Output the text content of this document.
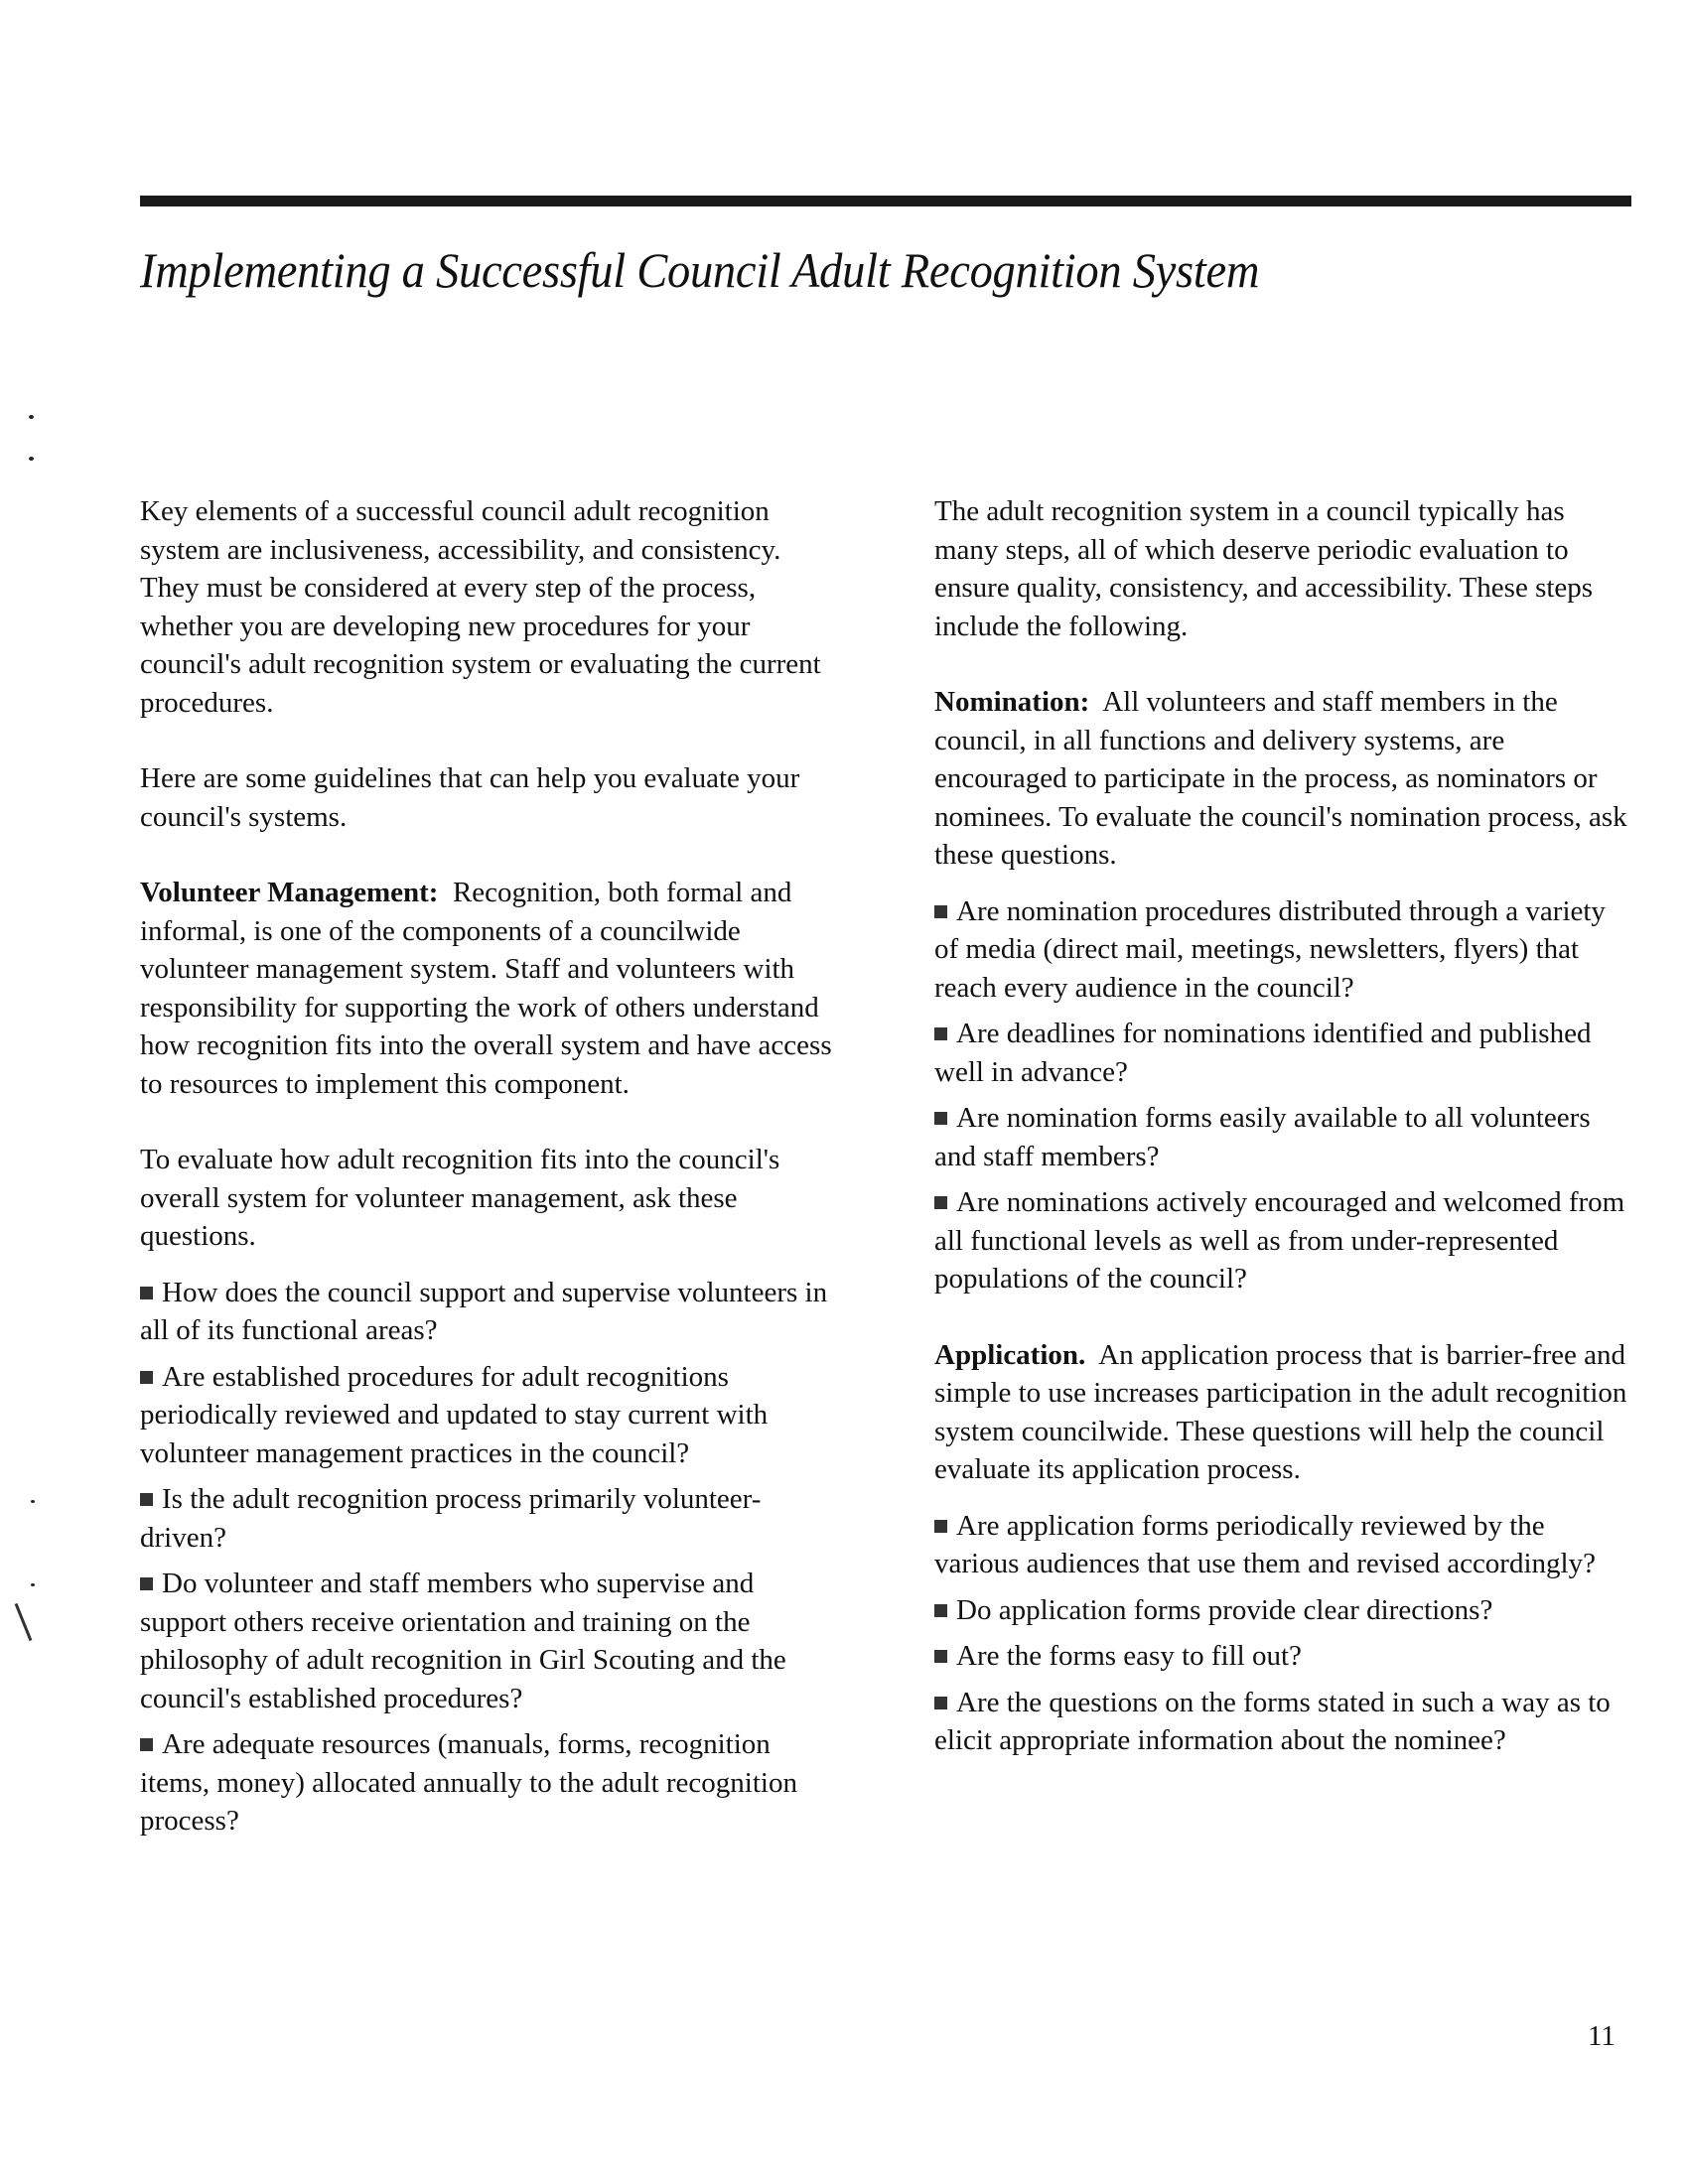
Implementing a Successful Council Adult Recognition System

Key elements of a successful council adult recognition system are inclusiveness, accessibility, and consistency. They must be considered at every step of the process, whether you are developing new procedures for your council's adult recognition system or evaluating the current procedures.

Here are some guidelines that can help you evaluate your council's systems.

Volunteer Management: Recognition, both formal and informal, is one of the components of a councilwide volunteer management system. Staff and volunteers with responsibility for supporting the work of others understand how recognition fits into the overall system and have access to resources to implement this component.

To evaluate how adult recognition fits into the council's overall system for volunteer management, ask these questions.

How does the council support and supervise volunteers in all of its functional areas?
Are established procedures for adult recognitions periodically reviewed and updated to stay current with volunteer management practices in the council?
Is the adult recognition process primarily volunteer-driven?
Do volunteer and staff members who supervise and support others receive orientation and training on the philosophy of adult recognition in Girl Scouting and the council's established procedures?
Are adequate resources (manuals, forms, recognition items, money) allocated annually to the adult recognition process?

The adult recognition system in a council typically has many steps, all of which deserve periodic evaluation to ensure quality, consistency, and accessibility. These steps include the following.

Nomination: All volunteers and staff members in the council, in all functions and delivery systems, are encouraged to participate in the process, as nominators or nominees. To evaluate the council's nomination process, ask these questions.

Are nomination procedures distributed through a variety of media (direct mail, meetings, newsletters, flyers) that reach every audience in the council?
Are deadlines for nominations identified and published well in advance?
Are nomination forms easily available to all volunteers and staff members?
Are nominations actively encouraged and welcomed from all functional levels as well as from under-represented populations of the council?

Application. An application process that is barrier-free and simple to use increases participation in the adult recognition system councilwide. These questions will help the council evaluate its application process.

Are application forms periodically reviewed by the various audiences that use them and revised accordingly?
Do application forms provide clear directions?
Are the forms easy to fill out?
Are the questions on the forms stated in such a way as to elicit appropriate information about the nominee?
11
